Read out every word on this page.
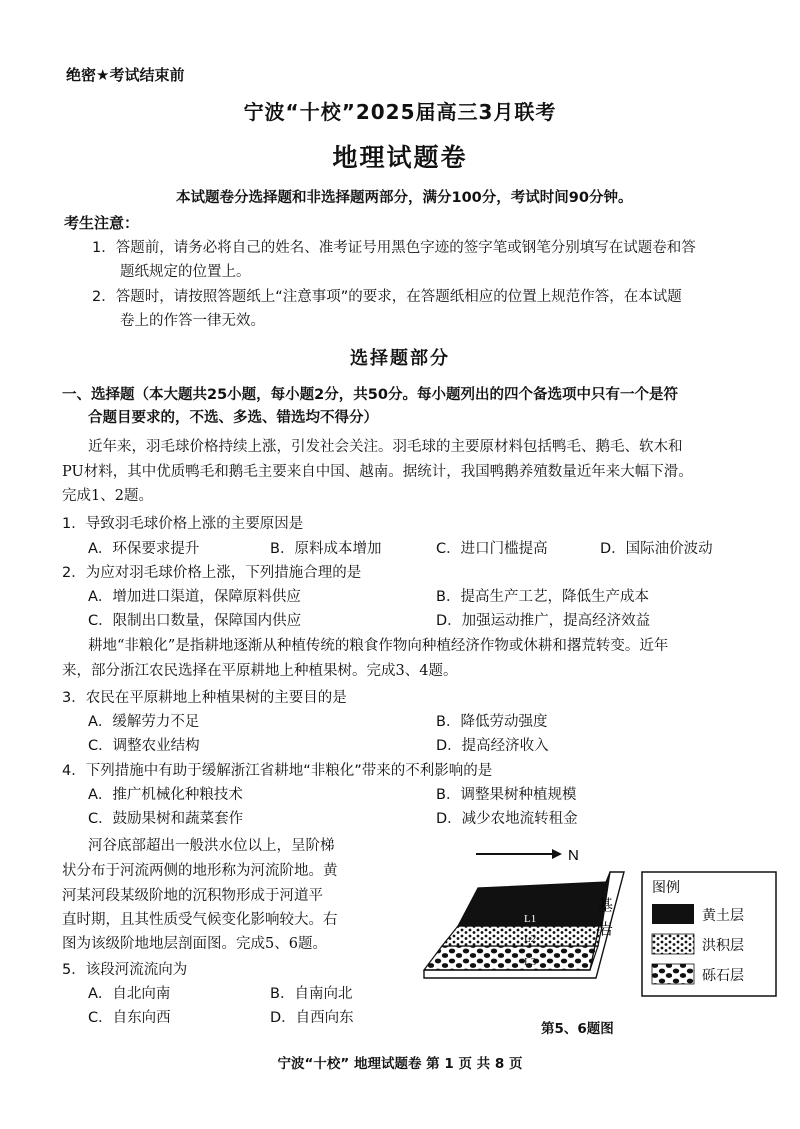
绝密★考试结束前
宁波“十校”2025届高三3月联考
地理试题卷
本试题卷分选择题和非选择题两部分，满分100分，考试时间90分钟。
考生注意：
1．答题前，请务必将自己的姓名、准考证号用黑色字迹的签字笔或钢笔分别填写在试题卷和答
题纸规定的位置上。
2．答题时，请按照答题纸上“注意事项”的要求，在答题纸相应的位置上规范作答，在本试题
卷上的作答一律无效。
选择题部分
一、选择题（本大题共25小题，每小题2分，共50分。每小题列出的四个备选项中只有一个是符
合题目要求的，不选、多选、错选均不得分）
近年来，羽毛球价格持续上涨，引发社会关注。羽毛球的主要原材料包括鸭毛、鹅毛、软木和
PU材料，其中优质鸭毛和鹅毛主要来自中国、越南。据统计，我国鸭鹅养殖数量近年来大幅下滑。
完成1、2题。
1．导致羽毛球价格上涨的主要原因是
A．环保要求提升	B．原料成本增加	C．进口门槛提高	D．国际油价波动
2．为应对羽毛球价格上涨，下列措施合理的是
A．增加进口渠道，保障原料供应	B．提高生产工艺，降低生产成本
C．限制出口数量，保障国内供应	D．加强运动推广，提高经济效益
耕地“非粮化”是指耕地逐渐从种植传统的粮食作物向种植经济作物或休耕和撂荒转变。近年
来，部分浙江农民选择在平原耕地上种植果树。完成3、4题。
3．农民在平原耕地上种植果树的主要目的是
A．缓解劳力不足	B．降低劳动强度
C．调整农业结构	D．提高经济收入
4．下列措施中有助于缓解浙江省耕地“非粮化”带来的不利影响的是
A．推广机械化种粮技术	B．调整果树种植规模
C．鼓励果树和蔬菜套作	D．减少农地流转租金
河谷底部超出一般洪水位以上，呈阶梯
状分布于河流两侧的地形称为河流阶地。黄
河某河段某级阶地的沉积物形成于河道平
直时期，且其性质受气候变化影响较大。右
图为该级阶地地层剖面图。完成5、6题。
5．该段河流流向为
A．自北向南	B．自南向北
C．自东向西	D．自西向东
N
L1
L2
L3
基
岩
图例
黄土层
洪积层
砾石层
第5、6题图
宁波“十校” 地理试题卷 第 1 页 共 8 页
